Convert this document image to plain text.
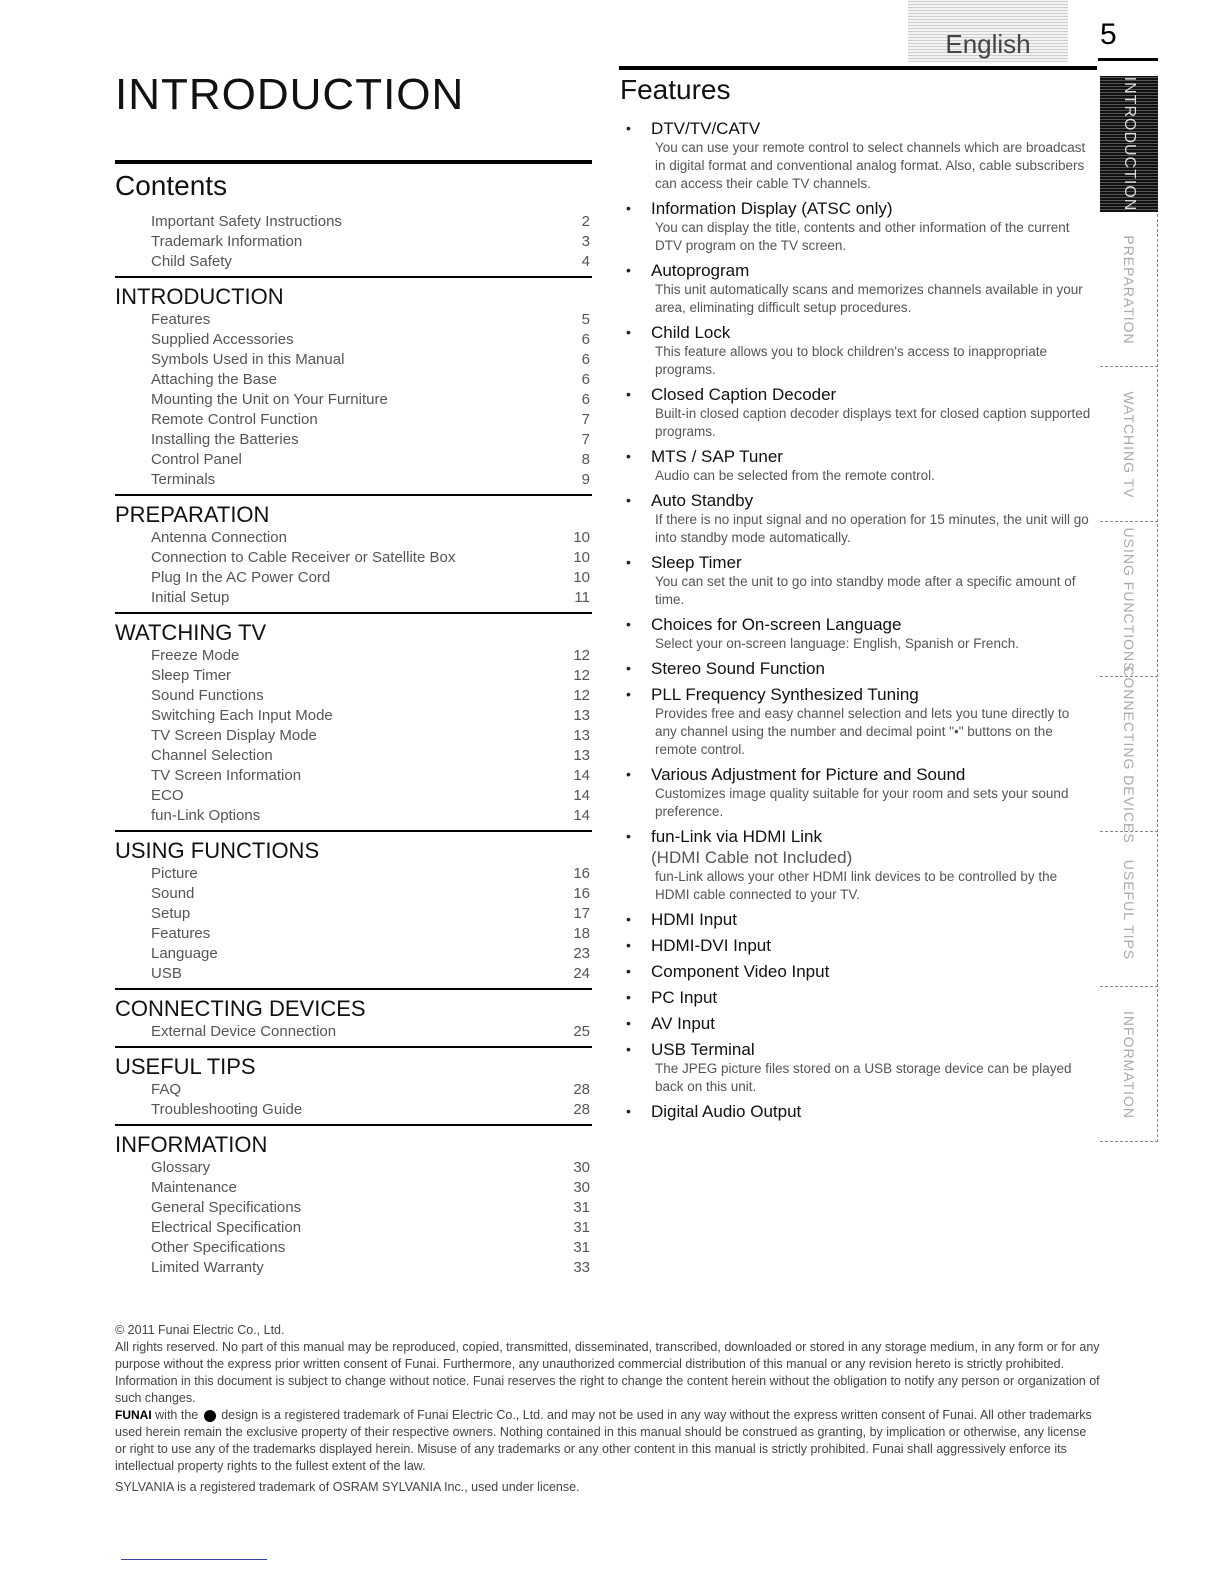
English	5
INTRODUCTION
Contents
Important Safety Instructions	2
Trademark Information	3
Child Safety	4
INTRODUCTION
Features	5
Supplied Accessories	6
Symbols Used in this Manual	6
Attaching the Base	6
Mounting the Unit on Your Furniture	6
Remote Control Function	7
Installing the Batteries	7
Control Panel	8
Terminals	9
PREPARATION
Antenna Connection	10
Connection to Cable Receiver or Satellite Box	10
Plug In the AC Power Cord	10
Initial Setup	11
WATCHING TV
Freeze Mode	12
Sleep Timer	12
Sound Functions	12
Switching Each Input Mode	13
TV Screen Display Mode	13
Channel Selection	13
TV Screen Information	14
ECO	14
fun-Link Options	14
USING FUNCTIONS
Picture	16
Sound	16
Setup	17
Features	18
Language	23
USB	24
CONNECTING DEVICES
External Device Connection	25
USEFUL TIPS
FAQ	28
Troubleshooting Guide	28
INFORMATION
Glossary	30
Maintenance	30
General Specifications	31
Electrical Specification	31
Other Specifications	31
Limited Warranty	33
Features
• DTV/TV/CATV
You can use your remote control to select channels which are broadcast in digital format and conventional analog format. Also, cable subscribers can access their cable TV channels.
• Information Display (ATSC only)
You can display the title, contents and other information of the current DTV program on the TV screen.
• Autoprogram
This unit automatically scans and memorizes channels available in your area, eliminating difficult setup procedures.
• Child Lock
This feature allows you to block children's access to inappropriate programs.
• Closed Caption Decoder
Built-in closed caption decoder displays text for closed caption supported programs.
• MTS / SAP Tuner
Audio can be selected from the remote control.
• Auto Standby
If there is no input signal and no operation for 15 minutes, the unit will go into standby mode automatically.
• Sleep Timer
You can set the unit to go into standby mode after a specific amount of time.
• Choices for On-screen Language
Select your on-screen language: English, Spanish or French.
• Stereo Sound Function
• PLL Frequency Synthesized Tuning
Provides free and easy channel selection and lets you tune directly to any channel using the number and decimal point "•" buttons on the remote control.
• Various Adjustment for Picture and Sound
Customizes image quality suitable for your room and sets your sound preference.
• fun-Link via HDMI Link
(HDMI Cable not Included)
fun-Link allows your other HDMI link devices to be controlled by the HDMI cable connected to your TV.
• HDMI Input
• HDMI-DVI Input
• Component Video Input
• PC Input
• AV Input
• USB Terminal
The JPEG picture files stored on a USB storage device can be played back on this unit.
• Digital Audio Output
INTRODUCTION
PREPARATION
WATCHING TV
USING FUNCTIONS
CONNECTING DEVICES
USEFUL TIPS
INFORMATION

© 2011 Funai Electric Co., Ltd.

All rights reserved. No part of this manual may be reproduced, copied, transmitted, disseminated, transcribed, downloaded or stored in any storage medium, in any form or for any purpose without the express prior written consent of Funai. Furthermore, any unauthorized commercial distribution of this manual or any revision hereto is strictly prohibited.

Information in this document is subject to change without notice. Funai reserves the right to change the content herein without the obligation to notify any person or organization of such changes.

FUNAI with the design is a registered trademark of Funai Electric Co., Ltd. and may not be used in any way without the express written consent of Funai. All other trademarks used herein remain the exclusive property of their respective owners. Nothing contained in this manual should be construed as granting, by implication or otherwise, any license or right to use any of the trademarks displayed herein. Misuse of any trademarks or any other content in this manual is strictly prohibited. Funai shall aggressively enforce its intellectual property rights to the fullest extent of the law.

SYLVANIA is a registered trademark of OSRAM SYLVANIA Inc., used under license.
